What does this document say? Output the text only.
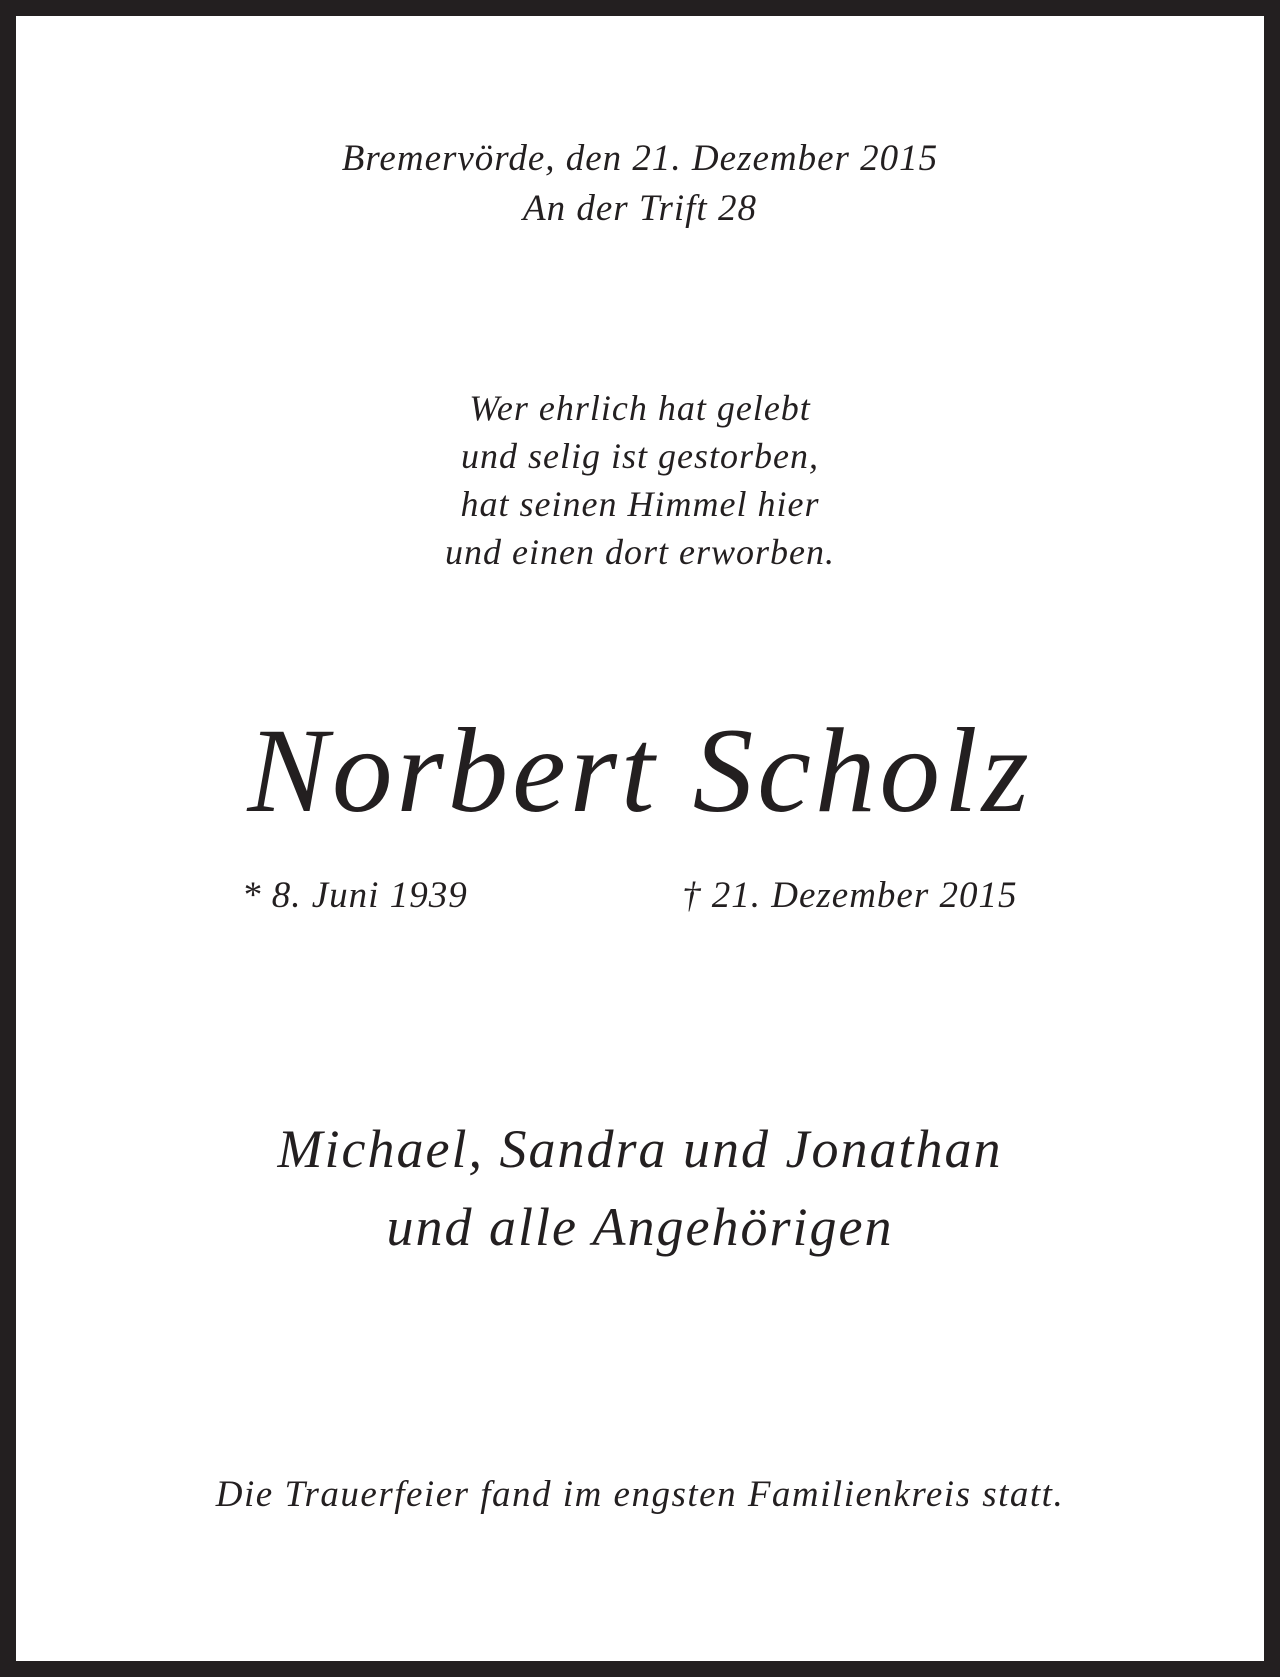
Bremervörde, den 21. Dezember 2015
An der Trift 28
Wer ehrlich hat gelebt
und selig ist gestorben,
hat seinen Himmel hier
und einen dort erworben.
Norbert Scholz
* 8. Juni 1939	† 21. Dezember 2015
Michael, Sandra und Jonathan
und alle Angehörigen
Die Trauerfeier fand im engsten Familienkreis statt.
